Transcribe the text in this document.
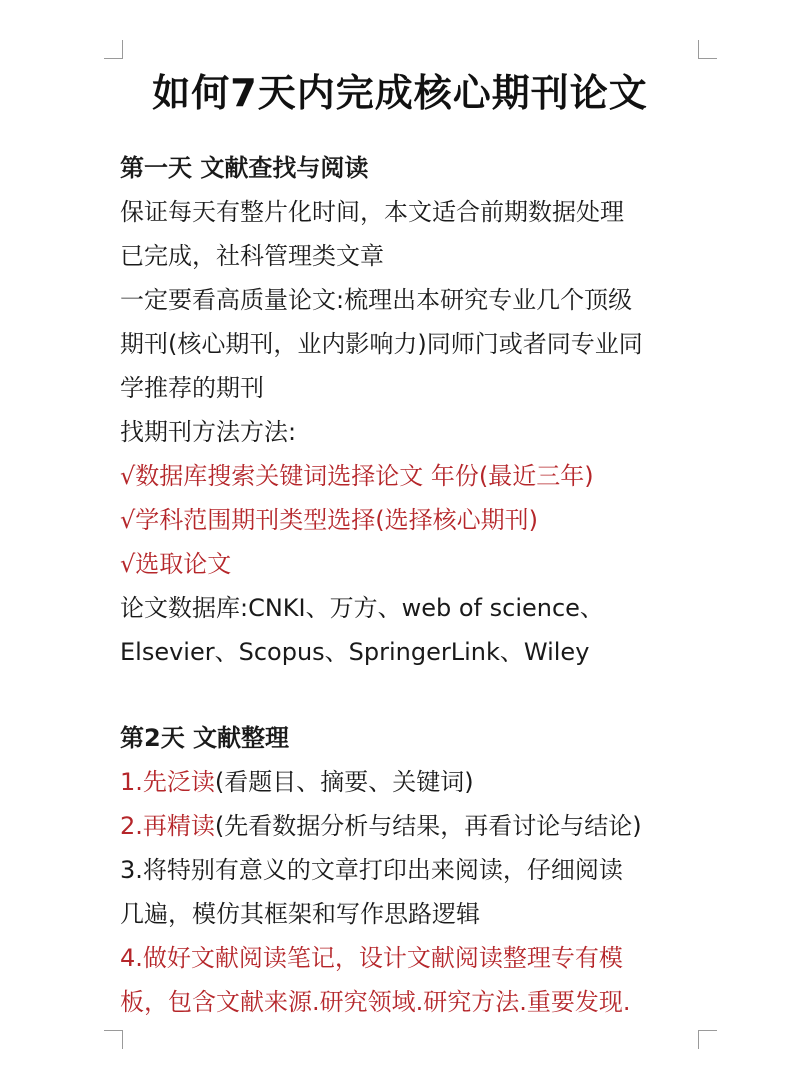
如何7天内完成核心期刊论文
第一天 文献查找与阅读
保证每天有整片化时间，本文适合前期数据处理
已完成，社科管理类文章
一定要看高质量论文:梳理出本研究专业几个顶级
期刊(核心期刊，业内影响力)同师门或者同专业同
学推荐的期刊
找期刊方法方法:
√数据库搜索关键词选择论文 年份(最近三年)
√学科范围期刊类型选择(选择核心期刊)
√选取论文
论文数据库:CNKI、万方、web of science、
Elsevier、Scopus、SpringerLink、Wiley
第2天 文献整理
1.先泛读(看题目、摘要、关键词)
2.再精读(先看数据分析与结果，再看讨论与结论)
3.将特别有意义的文章打印出来阅读，仔细阅读
几遍，模仿其框架和写作思路逻辑
4.做好文献阅读笔记，设计文献阅读整理专有模
板，包含文献来源.研究领域.研究方法.重要发现.
